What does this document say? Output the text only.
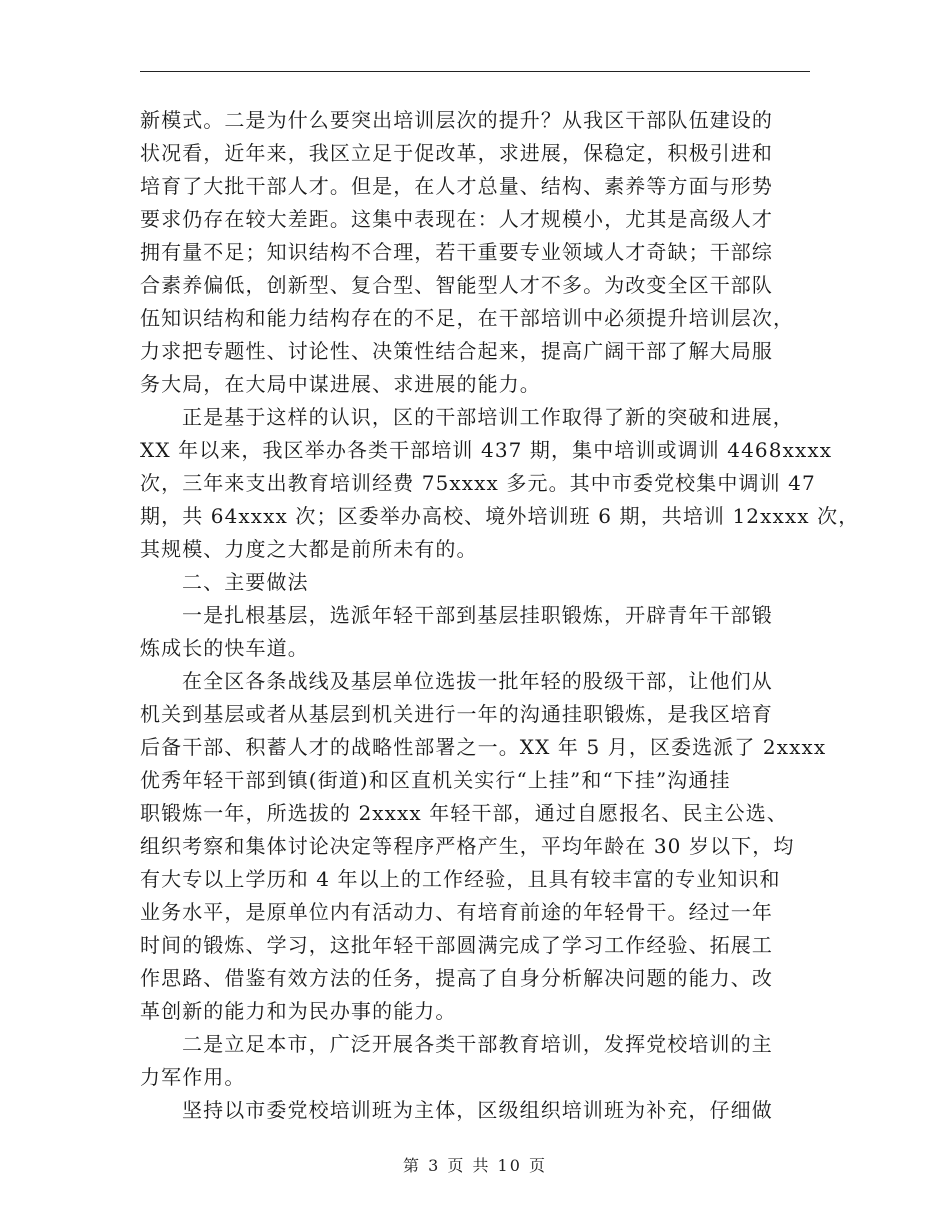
新模式。二是为什么要突出培训层次的提升？从我区干部队伍建设的
状况看，近年来，我区立足于促改革，求进展，保稳定，积极引进和
培育了大批干部人才。但是，在人才总量、结构、素养等方面与形势
要求仍存在较大差距。这集中表现在：人才规模小，尤其是高级人才
拥有量不足；知识结构不合理，若干重要专业领域人才奇缺；干部综
合素养偏低，创新型、复合型、智能型人才不多。为改变全区干部队
伍知识结构和能力结构存在的不足，在干部培训中必须提升培训层次，
力求把专题性、讨论性、决策性结合起来，提高广阔干部了解大局服
务大局，在大局中谋进展、求进展的能力。
正是基于这样的认识，区的干部培训工作取得了新的突破和进展，
XX 年以来，我区举办各类干部培训 437 期，集中培训或调训 4468xxxx
次，三年来支出教育培训经费 75xxxx 多元。其中市委党校集中调训 47
期，共 64xxxx 次；区委举办高校、境外培训班 6 期，共培训 12xxxx 次，
其规模、力度之大都是前所未有的。
二、主要做法
一是扎根基层，选派年轻干部到基层挂职锻炼，开辟青年干部锻
炼成长的快车道。
在全区各条战线及基层单位选拔一批年轻的股级干部，让他们从
机关到基层或者从基层到机关进行一年的沟通挂职锻炼，是我区培育
后备干部、积蓄人才的战略性部署之一。XX 年 5 月，区委选派了 2xxxx
优秀年轻干部到镇(街道)和区直机关实行“上挂”和“下挂”沟通挂
职锻炼一年，所选拔的 2xxxx 年轻干部，通过自愿报名、民主公选、
组织考察和集体讨论决定等程序严格产生，平均年龄在 30 岁以下，均
有大专以上学历和 4 年以上的工作经验，且具有较丰富的专业知识和
业务水平，是原单位内有活动力、有培育前途的年轻骨干。经过一年
时间的锻炼、学习，这批年轻干部圆满完成了学习工作经验、拓展工
作思路、借鉴有效方法的任务，提高了自身分析解决问题的能力、改
革创新的能力和为民办事的能力。
二是立足本市，广泛开展各类干部教育培训，发挥党校培训的主
力军作用。
坚持以市委党校培训班为主体，区级组织培训班为补充，仔细做
第 3 页 共 10 页
